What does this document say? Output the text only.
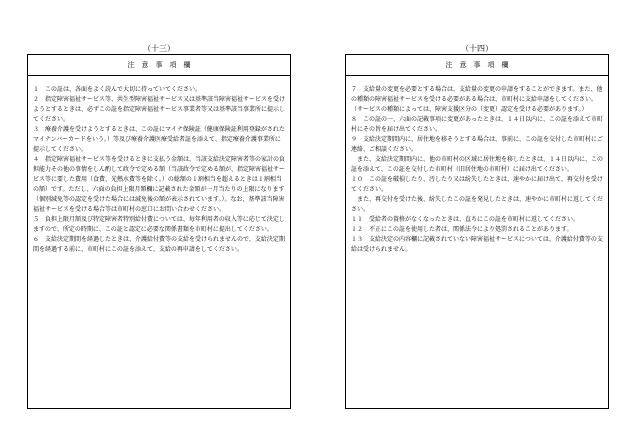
（十三）
注　意　事　項　欄

１　この証は、各面をよく読んで大切に持っていてください。

２　指定障害福祉サービス等、共生型障害福祉サービス又は基準該当障害福祉サービスを受けようとするときは、必ずこの証を指定障害福祉サービス事業者等又は基準該当事業所に提示してください。

３　療養介護を受けようとするときは、この証にマイナ保険証（健康保険証利用登録がされたマイナンバーカードをいう。）等及び療養介護医療受給者証を添えて、指定療養介護事業所に提示してください。

４　指定障害福祉サービス等を受けるときに支払う金額は、当該支給決定障害者等の家計の負担能力その他の事情をしん酌して政令で定める額（当該政令で定める額が、指定障害福祉サービス等に要した費用（食費、光熱水費等を除く。）の総額の１割相当を超えるときは１割相当の額）です。ただし、六面の負担上限月額欄に記載された金額が一月当たりの上限になります（個別減免等の認定を受けた場合には減免後の額が表示されています。）。なお、基準該当障害福祉サービスを受ける場合等は市町村の窓口にお問い合わせください。

５　負担上限月額及び特定障害者特別給付費については、毎年利用者の収入等に応じて決定しますので、所定の時期に、この証と認定に必要な関係書類を市町村に提出してください。

６　支給決定期間を経過したときは、介護給付費等の支給を受けられませんので、支給決定期間を経過する前に、市町村にこの証を添えて、支給の再申請をしてください。

（十四）
注　意　事　項　欄

７　支給量の変更を必要とする場合は、支給量の変更の申請をすることができます。また、他の種類の障害福祉サービスを受ける必要がある場合は、市町村に支給申請をしてください。（サービスの種類によっては、障害支援区分の（変更）認定を受ける必要があります。）

８　この証の一、六面の記載事項に変更があったときは、１４日以内に、この証を添えて市町村にその旨を届け出てください。

９　支給決定期間内に、居住地を移そうとする場合は、事前に、この証を交付した市町村にご連絡、ご相談ください。

　また、支給決定期間内に、他の市町村の区域に居住地を移したときは、１４日以内に、この証を添えて、この証を交付した市町村（旧居住地の市町村）に届け出てください。

１０　この証を破損したり、汚したり又は紛失したときは、速やかに届け出て、再交付を受けてください。

　また、再交付を受けた後、紛失したこの証を発見したときは、速やかに市町村に返してください。

１１　受給者の資格がなくなったときは、直ちにこの証を市町村に返してください。

１２　不正にこの証を使用した者は、関係法令により処罰されることがあります。

１３　支給決定の内容欄に記載されていない障害福祉サービスについては、介護給付費等の支給は受けられません。
